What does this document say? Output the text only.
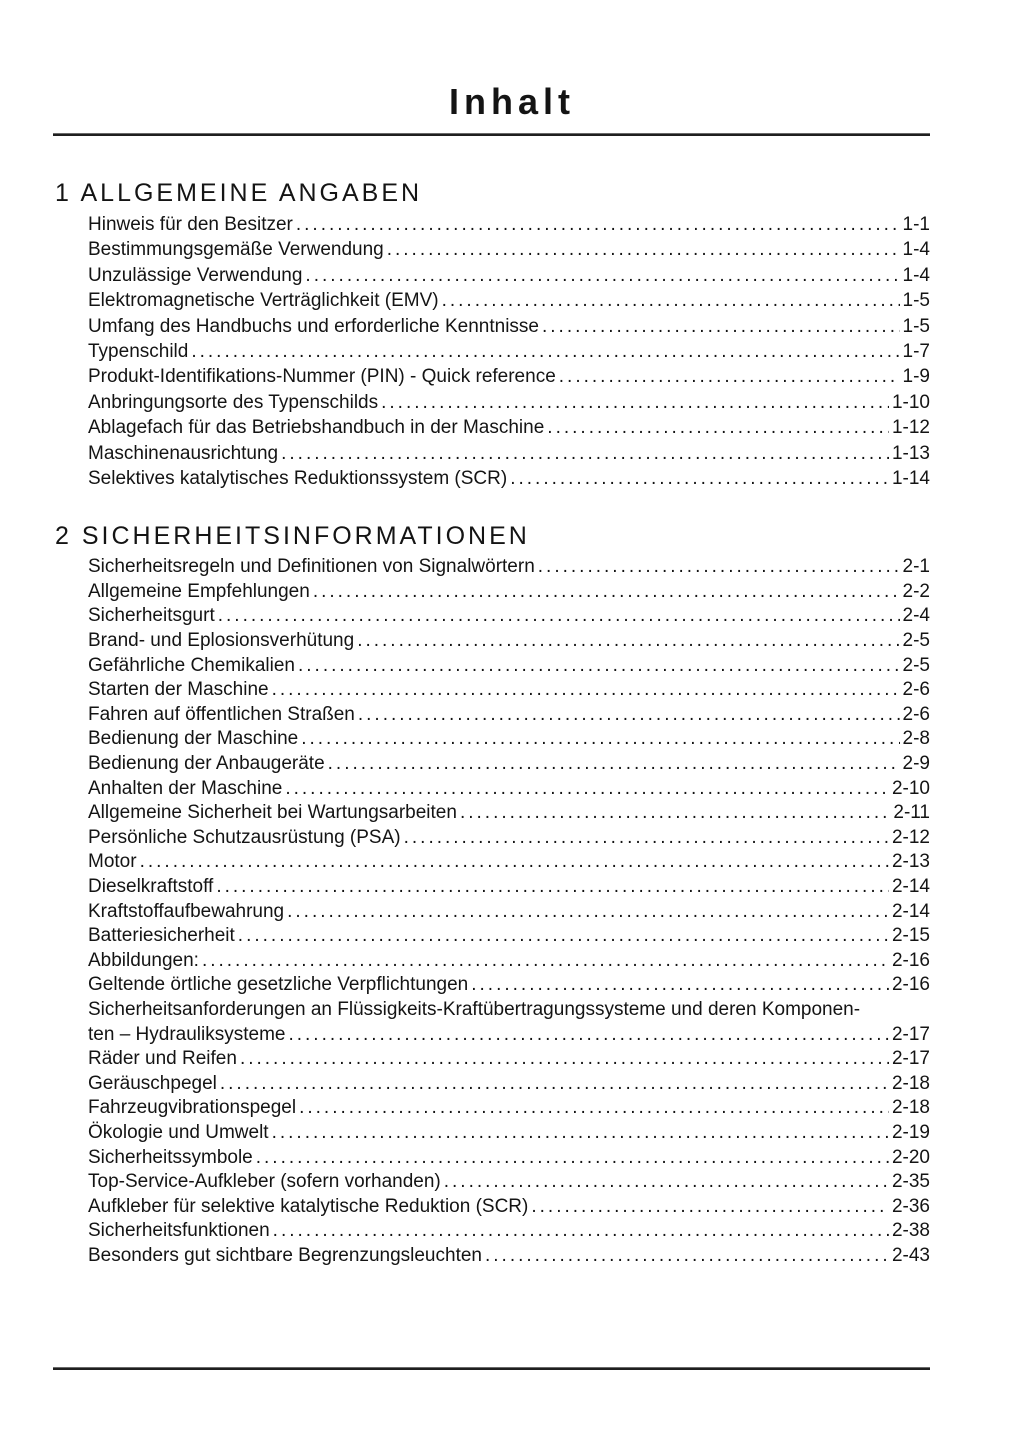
Inhalt
1 ALLGEMEINE ANGABEN
Hinweis für den Besitzer .....	1-1
Bestimmungsgemäße Verwendung .....	1-4
Unzulässige Verwendung .....	1-4
Elektromagnetische Verträglichkeit (EMV) .....	1-5
Umfang des Handbuchs und erforderliche Kenntnisse .....	1-5
Typenschild .....	1-7
Produkt-Identifikations-Nummer (PIN) - Quick reference .....	1-9
Anbringungsorte des Typenschilds .....	1-10
Ablagefach für das Betriebshandbuch in der Maschine .....	1-12
Maschinenausrichtung .....	1-13
Selektives katalytisches Reduktionssystem (SCR) .....	1-14
2 SICHERHEITSINFORMATIONEN
Sicherheitsregeln und Definitionen von Signalwörtern .....	2-1
Allgemeine Empfehlungen .....	2-2
Sicherheitsgurt .....	2-4
Brand- und Eplosionsverhütung .....	2-5
Gefährliche Chemikalien .....	2-5
Starten der Maschine .....	2-6
Fahren auf öffentlichen Straßen .....	2-6
Bedienung der Maschine .....	2-8
Bedienung der Anbaugeräte .....	2-9
Anhalten der Maschine .....	2-10
Allgemeine Sicherheit bei Wartungsarbeiten .....	2-11
Persönliche Schutzausrüstung (PSA) .....	2-12
Motor .....	2-13
Dieselkraftstoff .....	2-14
Kraftstoffaufbewahrung .....	2-14
Batteriesicherheit .....	2-15
Abbildungen: .....	2-16
Geltende örtliche gesetzliche Verpflichtungen .....	2-16
Sicherheitsanforderungen an Flüssigkeits-Kraftübertragungssysteme und deren Komponen-
ten – Hydrauliksysteme .....	2-17
Räder und Reifen .....	2-17
Geräuschpegel .....	2-18
Fahrzeugvibrationspegel .....	2-18
Ökologie und Umwelt .....	2-19
Sicherheitssymbole .....	2-20
Top-Service-Aufkleber (sofern vorhanden) .....	2-35
Aufkleber für selektive katalytische Reduktion (SCR) .....	2-36
Sicherheitsfunktionen .....	2-38
Besonders gut sichtbare Begrenzungsleuchten .....	2-43
